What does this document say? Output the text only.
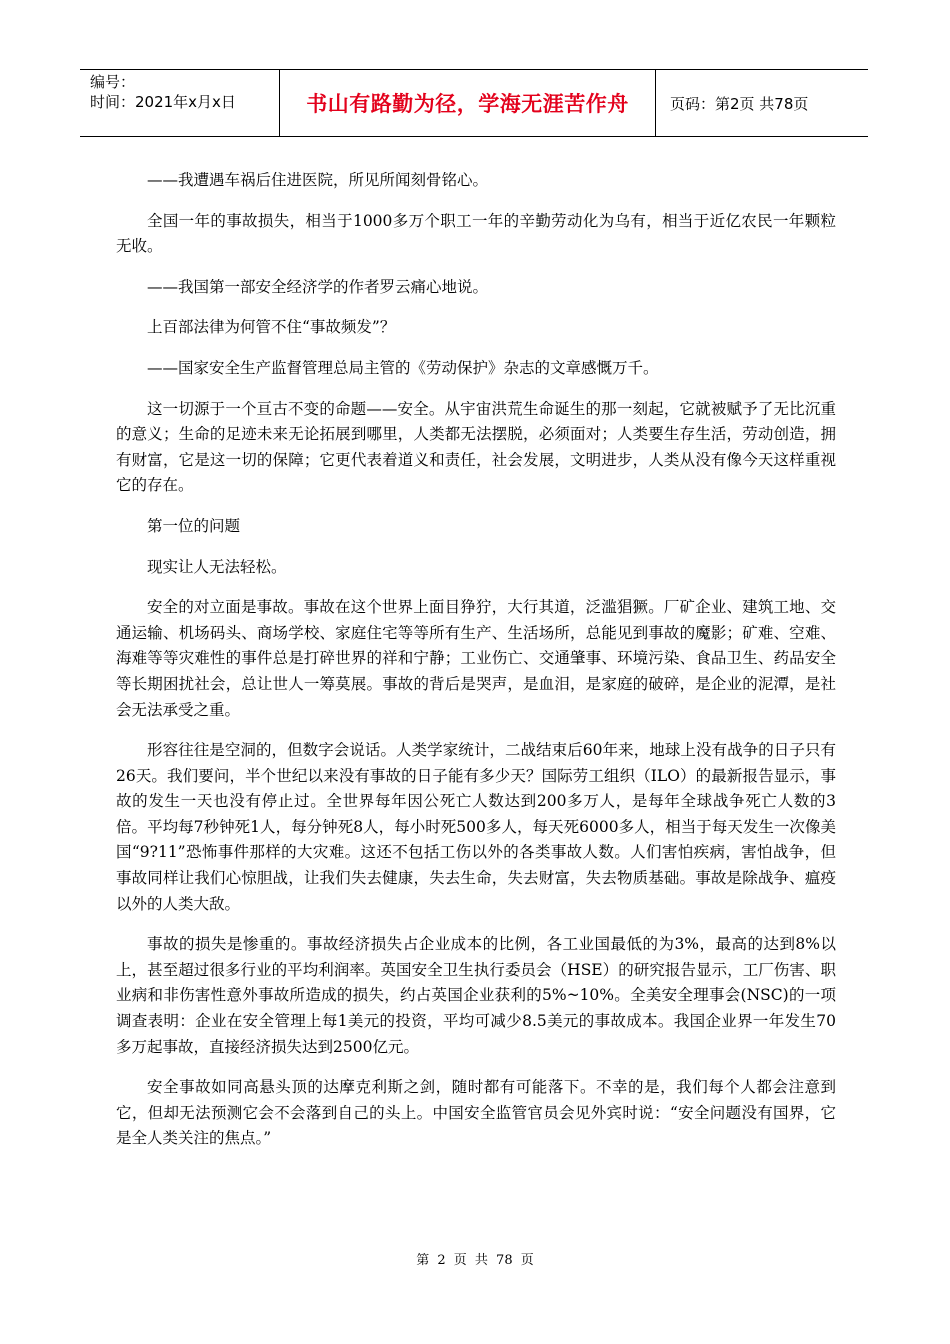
编号：
时间：2021年x月x日	书山有路勤为径，学海无涯苦作舟	页码：第2页 共78页

——我遭遇车祸后住进医院，所见所闻刻骨铭心。

全国一年的事故损失，相当于1000多万个职工一年的辛勤劳动化为乌有，相当于近亿农民一年颗粒无收。

——我国第一部安全经济学的作者罗云痛心地说。

上百部法律为何管不住“事故频发”？

——国家安全生产监督管理总局主管的《劳动保护》杂志的文章感慨万千。

这一切源于一个亘古不变的命题——安全。从宇宙洪荒生命诞生的那一刻起，它就被赋予了无比沉重的意义；生命的足迹未来无论拓展到哪里，人类都无法摆脱，必须面对；人类要生存生活，劳动创造，拥有财富，它是这一切的保障；它更代表着道义和责任，社会发展，文明进步，人类从没有像今天这样重视它的存在。

第一位的问题

现实让人无法轻松。

安全的对立面是事故。事故在这个世界上面目狰狞，大行其道，泛滥猖獗。厂矿企业、建筑工地、交通运输、机场码头、商场学校、家庭住宅等等所有生产、生活场所，总能见到事故的魔影；矿难、空难、海难等等灾难性的事件总是打碎世界的祥和宁静；工业伤亡、交通肇事、环境污染、食品卫生、药品安全等长期困扰社会，总让世人一筹莫展。事故的背后是哭声，是血泪，是家庭的破碎，是企业的泥潭，是社会无法承受之重。

形容往往是空洞的，但数字会说话。人类学家统计，二战结束后60年来，地球上没有战争的日子只有26天。我们要问，半个世纪以来没有事故的日子能有多少天？国际劳工组织（ILO）的最新报告显示，事故的发生一天也没有停止过。全世界每年因公死亡人数达到200多万人，是每年全球战争死亡人数的3倍。平均每7秒钟死1人，每分钟死8人，每小时死500多人，每天死6000多人，相当于每天发生一次像美国“9?11”恐怖事件那样的大灾难。这还不包括工伤以外的各类事故人数。人们害怕疾病，害怕战争，但事故同样让我们心惊胆战，让我们失去健康，失去生命，失去财富，失去物质基础。事故是除战争、瘟疫以外的人类大敌。

事故的损失是惨重的。事故经济损失占企业成本的比例，各工业国最低的为3%，最高的达到8%以上，甚至超过很多行业的平均利润率。英国安全卫生执行委员会（HSE）的研究报告显示，工厂伤害、职业病和非伤害性意外事故所造成的损失，约占英国企业获利的5%~10%。全美安全理事会(NSC)的一项调查表明：企业在安全管理上每1美元的投资，平均可减少8.5美元的事故成本。我国企业界一年发生70多万起事故，直接经济损失达到2500亿元。

安全事故如同高悬头顶的达摩克利斯之剑，随时都有可能落下。不幸的是，我们每个人都会注意到它，但却无法预测它会不会落到自己的头上。中国安全监管官员会见外宾时说：“安全问题没有国界，它是全人类关注的焦点。”

第 2 页 共 78 页
